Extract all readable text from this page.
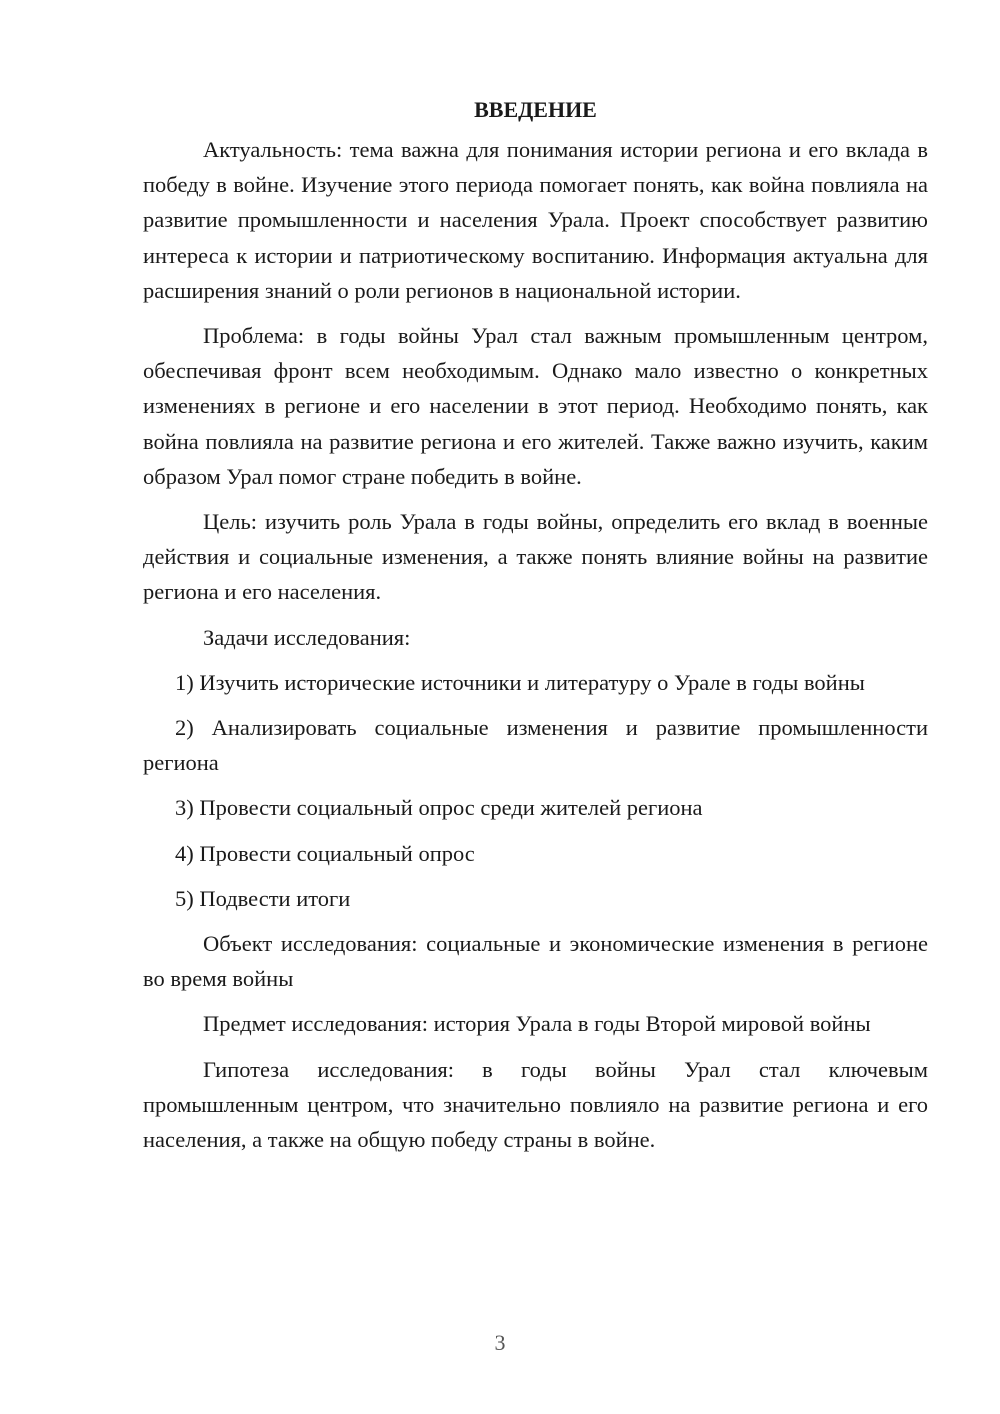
ВВЕДЕНИЕ

Актуальность: тема важна для понимания истории региона и его вклада в победу в войне. Изучение этого периода помогает понять, как война повлияла на развитие промышленности и населения Урала. Проект способствует развитию интереса к истории и патриотическому воспитанию. Информация актуальна для расширения знаний о роли регионов в национальной истории.

Проблема: в годы войны Урал стал важным промышленным центром, обеспечивая фронт всем необходимым. Однако мало известно о конкретных изменениях в регионе и его населении в этот период. Необходимо понять, как война повлияла на развитие региона и его жителей. Также важно изучить, каким образом Урал помог стране победить в войне.

Цель: изучить роль Урала в годы войны, определить его вклад в военные действия и социальные изменения, а также понять влияние войны на развитие региона и его населения.

Задачи исследования:

1) Изучить исторические источники и литературу о Урале в годы войны

2) Анализировать социальные изменения и развитие промышленности региона

3) Провести социальный опрос среди жителей региона

4) Провести социальный опрос

5) Подвести итоги

Объект исследования: социальные и экономические изменения в регионе во время войны

Предмет исследования: история Урала в годы Второй мировой войны

Гипотеза исследования: в годы войны Урал стал ключевым промышленным центром, что значительно повлияло на развитие региона и его населения, а также на общую победу страны в войне.

3
